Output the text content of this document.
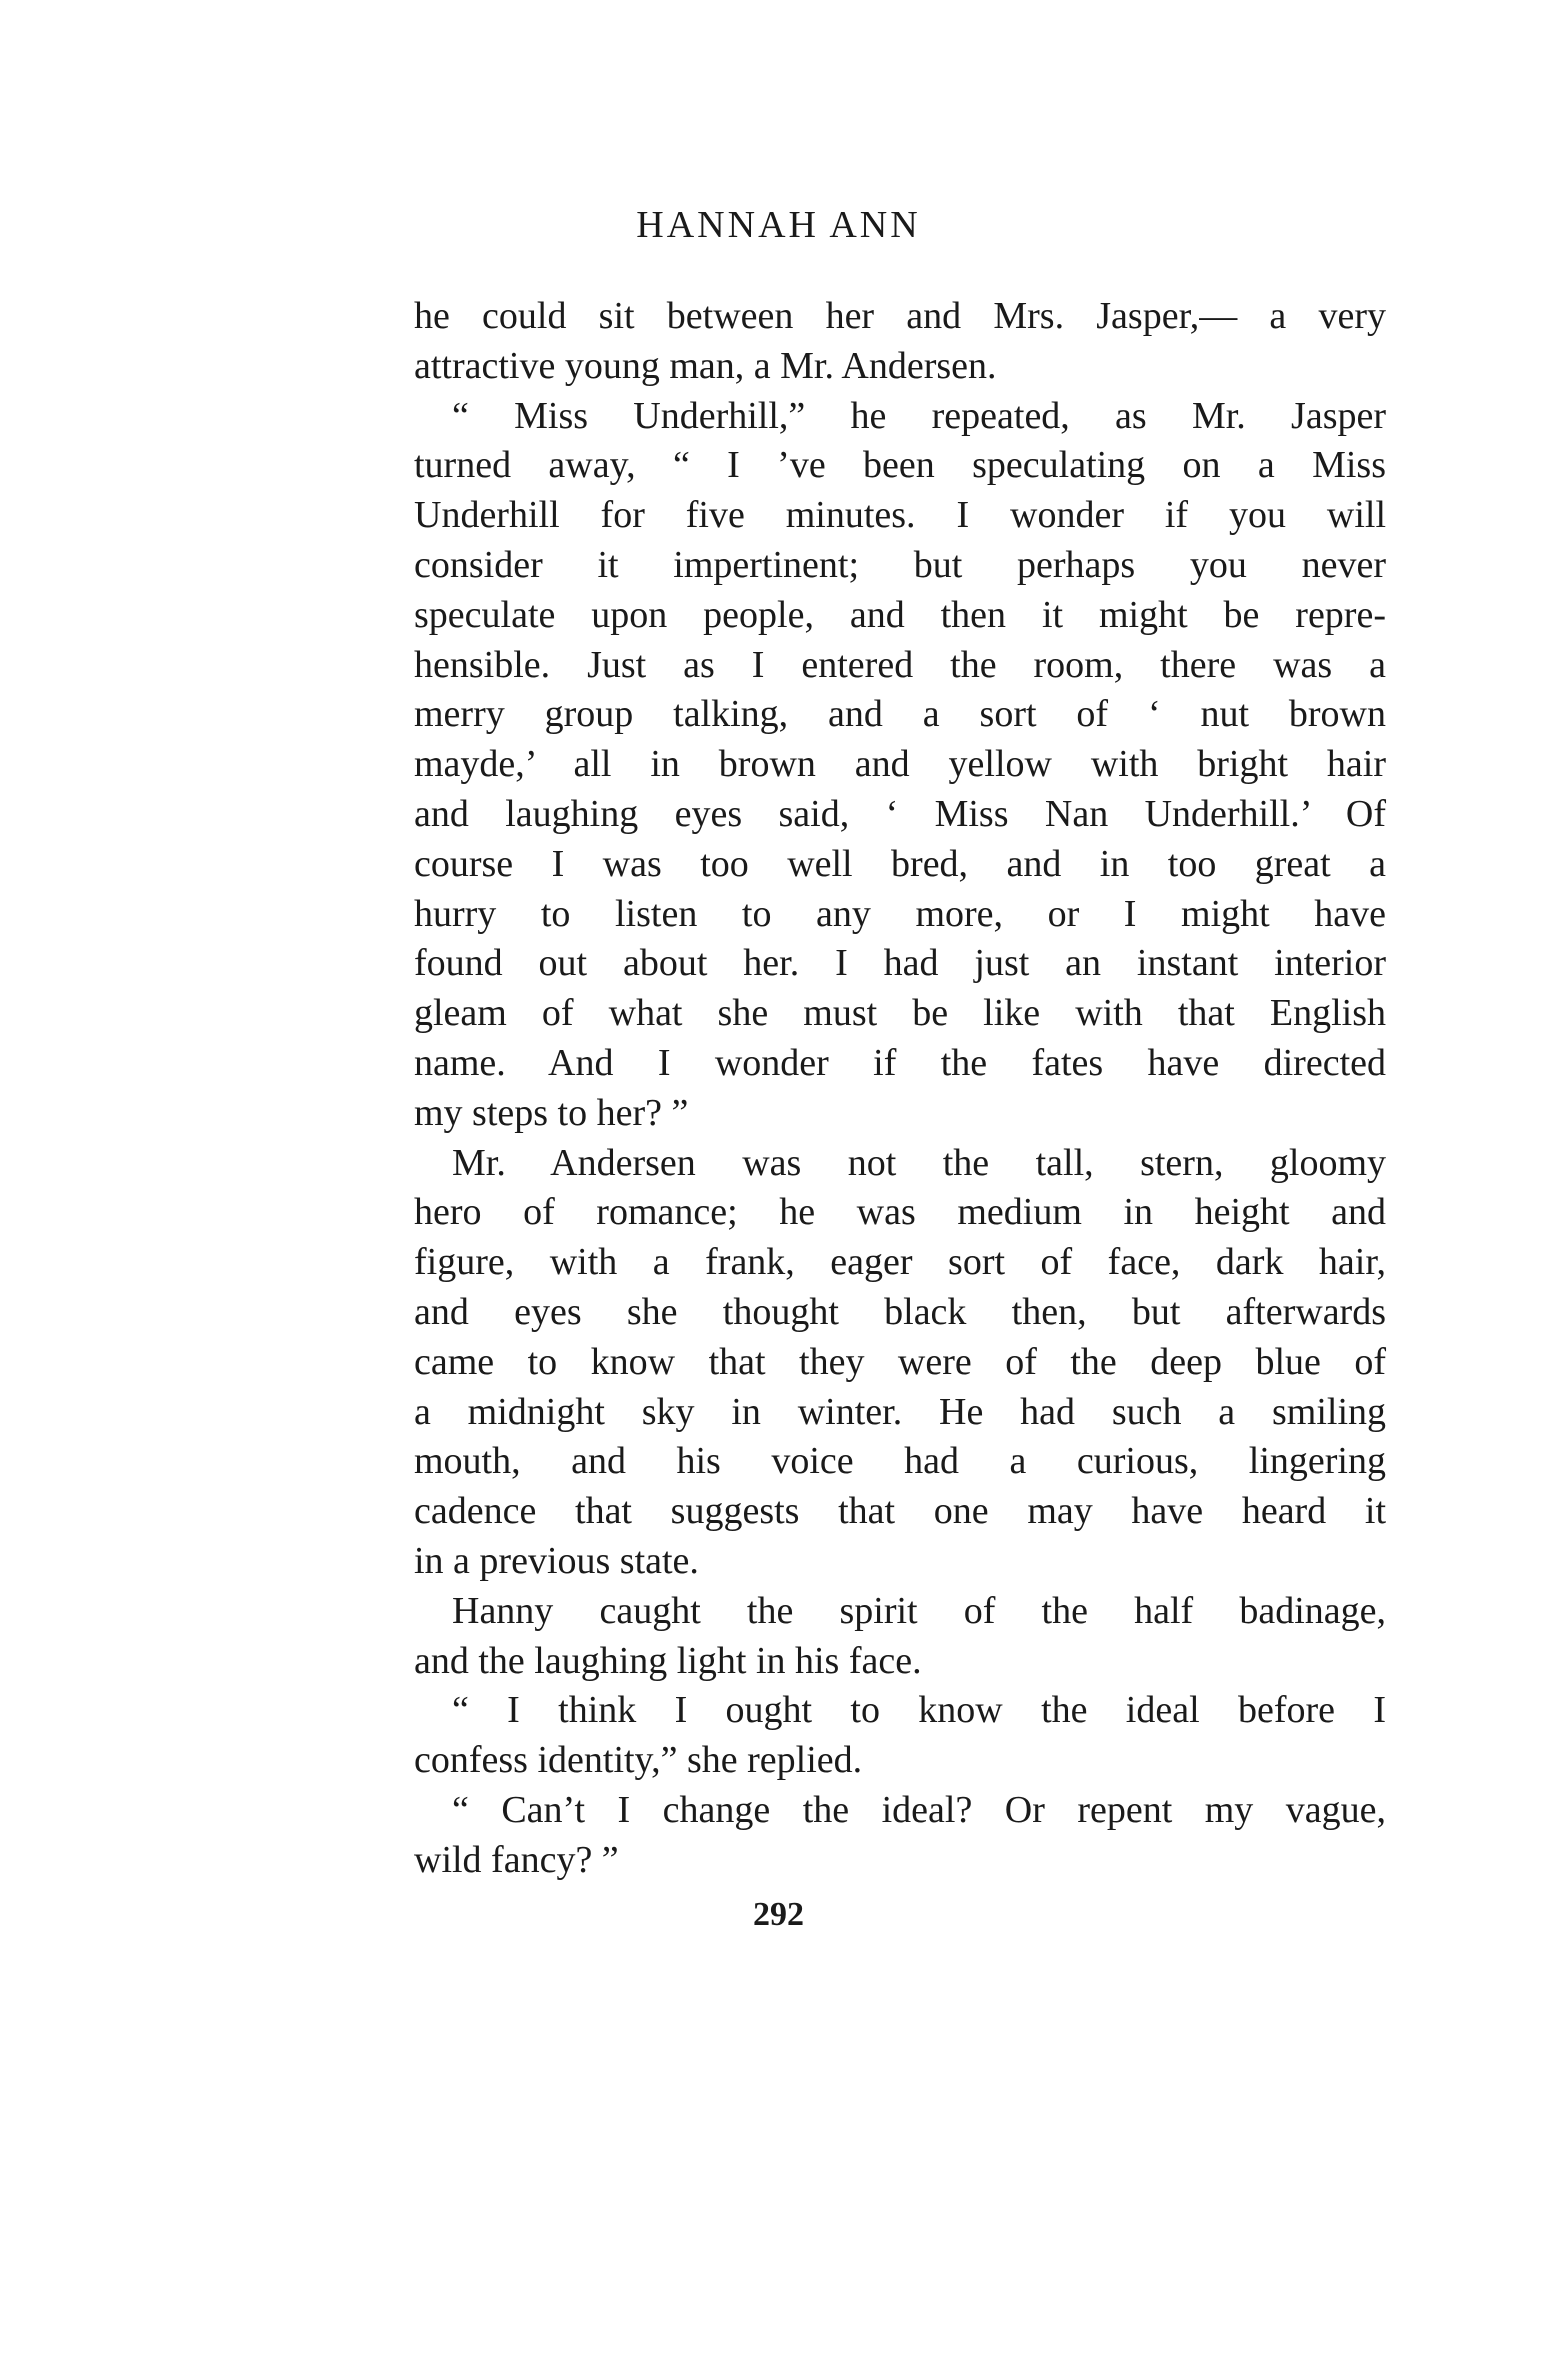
HANNAH ANN
he could sit between her and Mrs. Jasper,— a very
attractive young man, a Mr. Andersen.
“ Miss Underhill,” he repeated, as Mr. Jasper
turned away, “ I ’ve been speculating on a Miss
Underhill for five minutes. I wonder if you will
consider it impertinent; but perhaps you never
speculate upon people, and then it might be repre-
hensible. Just as I entered the room, there was a
merry group talking, and a sort of ‘ nut brown
mayde,’ all in brown and yellow with bright hair
and laughing eyes said, ‘ Miss Nan Underhill.’ Of
course I was too well bred, and in too great a
hurry to listen to any more, or I might have
found out about her. I had just an instant interior
gleam of what she must be like with that English
name. And I wonder if the fates have directed
my steps to her? ”
Mr. Andersen was not the tall, stern, gloomy
hero of romance; he was medium in height and
figure, with a frank, eager sort of face, dark hair,
and eyes she thought black then, but afterwards
came to know that they were of the deep blue of
a midnight sky in winter. He had such a smiling
mouth, and his voice had a curious, lingering
cadence that suggests that one may have heard it
in a previous state.
Hanny caught the spirit of the half badinage,
and the laughing light in his face.
“ I think I ought to know the ideal before I
confess identity,” she replied.
“ Can’t I change the ideal? Or repent my vague,
wild fancy? ”
292
